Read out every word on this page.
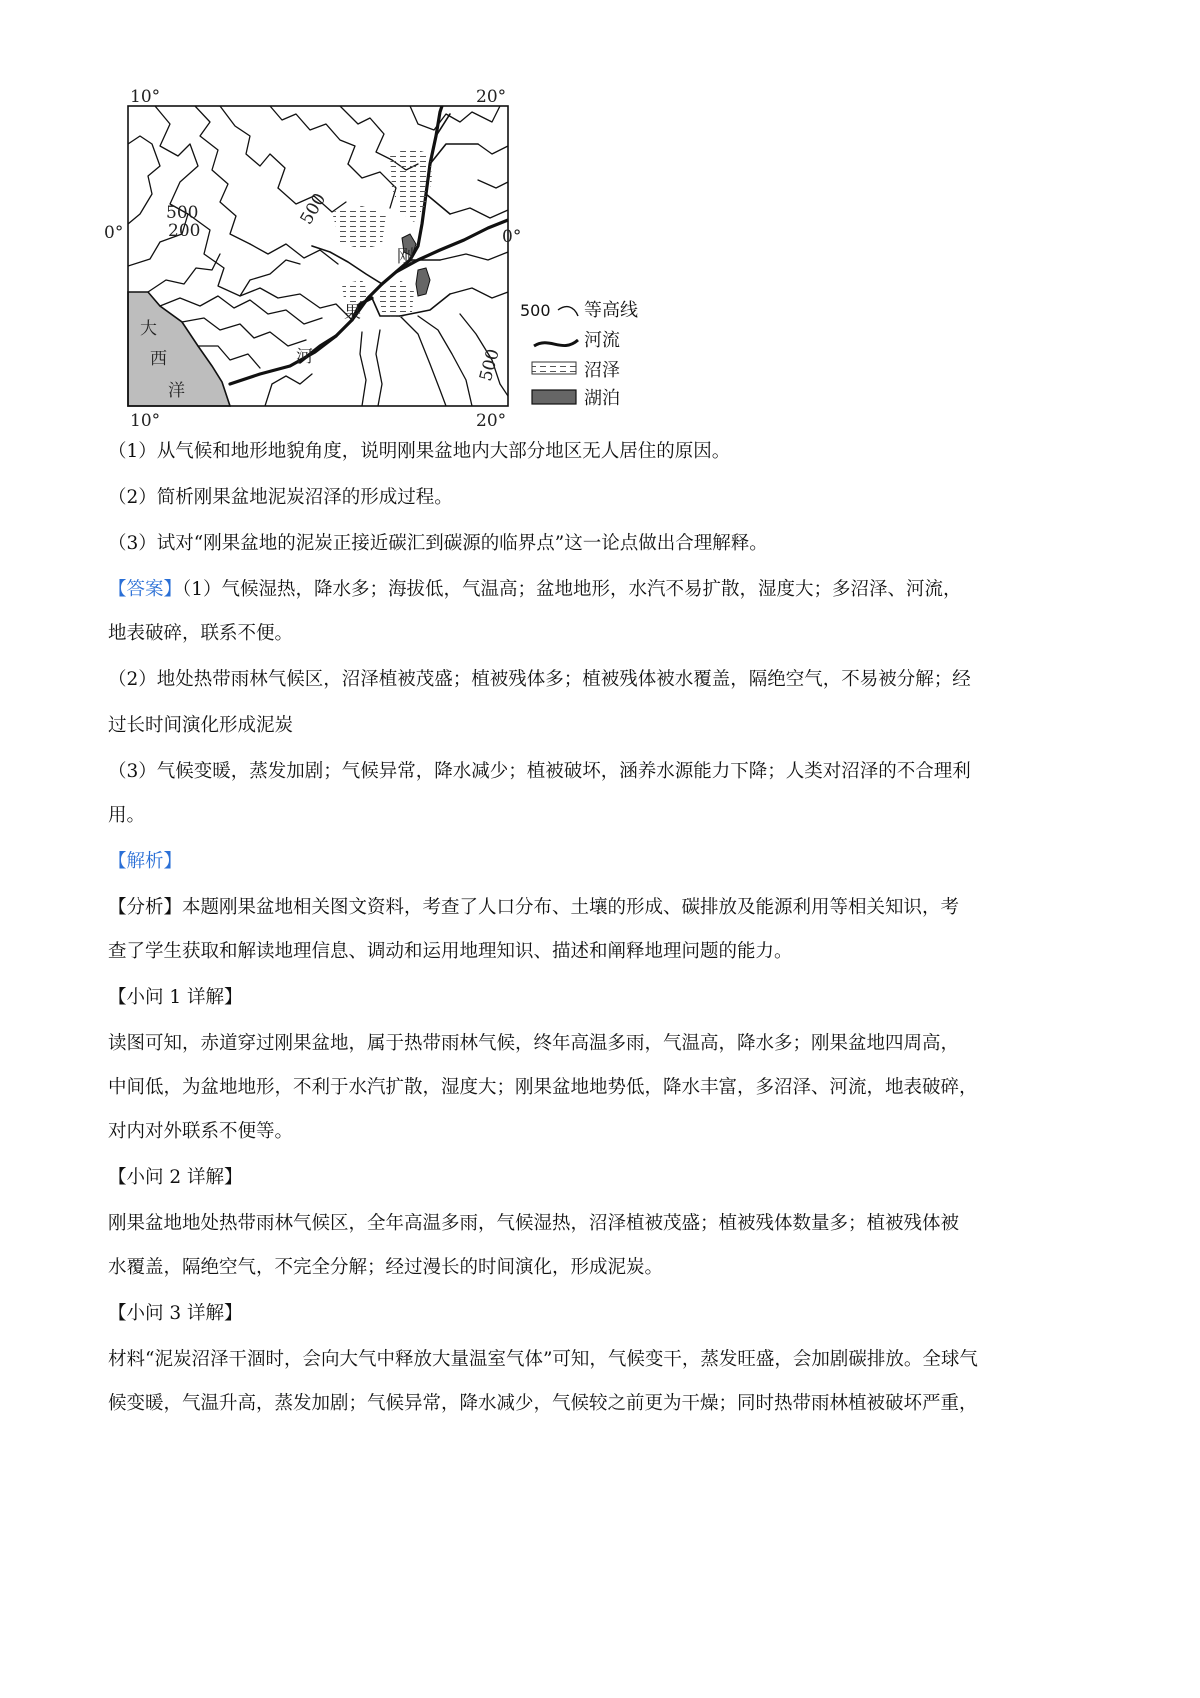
10°	20°
10°	20°
0°	0°
500
200
500
500
大
西
洋
刚
果
河
500 等高线
河流
沼泽
湖泊
（1）从气候和地形地貌角度，说明刚果盆地内大部分地区无人居住的原因。
（2）简析刚果盆地泥炭沼泽的形成过程。
（3）试对“刚果盆地的泥炭正接近碳汇到碳源的临界点”这一论点做出合理解释。
【答案】（1）气候湿热，降水多；海拔低，气温高；盆地地形，水汽不易扩散，湿度大；多沼泽、河流，
地表破碎，联系不便。
（2）地处热带雨林气候区，沼泽植被茂盛；植被残体多；植被残体被水覆盖，隔绝空气，不易被分解；经
过长时间演化形成泥炭
（3）气候变暖，蒸发加剧；气候异常，降水减少；植被破坏，涵养水源能力下降；人类对沼泽的不合理利
用。
【解析】
【分析】本题刚果盆地相关图文资料，考查了人口分布、土壤的形成、碳排放及能源利用等相关知识，考
查了学生获取和解读地理信息、调动和运用地理知识、描述和阐释地理问题的能力。
【小问 1 详解】
读图可知，赤道穿过刚果盆地，属于热带雨林气候，终年高温多雨，气温高，降水多；刚果盆地四周高，
中间低，为盆地地形，不利于水汽扩散，湿度大；刚果盆地地势低，降水丰富，多沼泽、河流，地表破碎，
对内对外联系不便等。
【小问 2 详解】
刚果盆地地处热带雨林气候区，全年高温多雨，气候湿热，沼泽植被茂盛；植被残体数量多；植被残体被
水覆盖，隔绝空气，不完全分解；经过漫长的时间演化，形成泥炭。
【小问 3 详解】
材料“泥炭沼泽干涸时，会向大气中释放大量温室气体”可知，气候变干，蒸发旺盛，会加剧碳排放。全球气
候变暖，气温升高，蒸发加剧；气候异常，降水减少，气候较之前更为干燥；同时热带雨林植被破坏严重，
